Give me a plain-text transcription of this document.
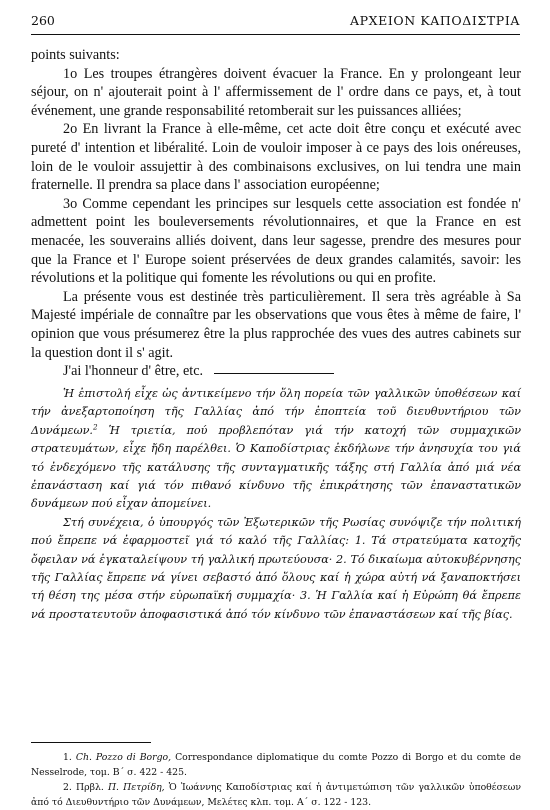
260	ΑΡΧΕΙΟΝ ΚΑΠΟΔΙΣΤΡΙΑ

points suivants:

1o Les troupes étrangères doivent évacuer la France. En y prolongeant leur séjour, on n' ajouterait point à l' affermissement de l' ordre dans ce pays, et, à tout événement, une grande responsabilité retomberait sur les puissances alliées;

2o En livrant la France à elle-même, cet acte doit être conçu et exécuté avec pureté d' intention et libéralité. Loin de vouloir imposer à ce pays des lois onéreuses, loin de le vouloir assujettir à des combinaisons exclusives, on lui tendra une main fraternelle. Il prendra sa place dans l' association européenne;

3o Comme cependant les principes sur lesquels cette association est fondée n' admettent point les bouleversements révolutionnaires, et que la France en est menacée, les souverains alliés doivent, dans leur sagesse, prendre des mesures pour que la France et l' Europe soient préservées de deux grandes calamités, savoir: les révolutions et la politique qui fomente les révolutions ou qui en profite.

La présente vous est destinée très particulièrement. Il sera très agréable à Sa Majesté impériale de connaître par les observations que vous êtes à même de faire, l' opinion que vous présumerez être la plus rapprochée des vues des autres cabinets sur la question dont il s' agit.

J'ai l'honneur d' être, etc.

Ἡ ἐπιστολή εἶχε ὡς ἀντικείμενο τήν ὅλη πορεία τῶν γαλλικῶν ὑποθέσεων καί τήν ἀνεξαρτοποίηση τῆς Γαλλίας ἀπό τήν ἐποπτεία τοῦ διευθυντήριου τῶν Δυνάμεων.$^2$ Ἡ τριετία, πού προβλεπόταν γιά τήν κατοχή τῶν συμμαχικῶν στρατευμάτων, εἶχε ἤδη παρέλθει. Ὁ Καποδίστριας ἐκδήλωνε τήν ἀνησυχία του γιά τό ἐνδεχόμενο τῆς κατάλυσης τῆς συνταγματικῆς τάξης στή Γαλλία ἀπό μιά νέα ἐπανάσταση καί γιά τόν πιθανό κίνδυνο τῆς ἐπικράτησης τῶν ἐπαναστατικῶν δυνάμεων πού εἶχαν ἀπομείνει.

Στή συνέχεια, ὁ ὑπουργός τῶν Ἐξωτερικῶν τῆς Ρωσίας συνόψιζε τήν πολιτική πού ἔπρεπε νά ἐφαρμοστεῖ γιά τό καλό τῆς Γαλλίας: 1. Τά στρατεύματα κατοχῆς ὄφειλαν νά ἐγκαταλείψουν τή γαλλική πρωτεύουσα· 2. Τό δικαίωμα αὐτοκυβέρνησης τῆς Γαλλίας ἔπρεπε νά γίνει σεβαστό ἀπό ὅλους καί ἡ χώρα αὐτή νά ξαναποκτήσει τή θέση της μέσα στήν εὐρωπαϊκή συμμαχία· 3. Ἡ Γαλλία καί ἡ Εὐρώπη θά ἔπρεπε νά προστατευτοῦν ἀποφασιστικά ἀπό τόν κίνδυνο τῶν ἐπαναστάσεων καί τῆς βίας.

1. Ch. Pozzo di Borgo, Correspondance diplomatique du comte Pozzo di Borgo et du comte de Nesselrode, τομ. Β΄ σ. 422 - 425.

2. Πρβλ. Π. Πετρίδη, Ὁ Ἰωάννης Καποδίστριας καί ἡ ἀντιμετώπιση τῶν γαλλικῶν ὑποθέσεων ἀπό τό Διευθυντήριο τῶν Δυνάμεων, Μελέτες κλπ. τομ. Α΄ σ. 122 - 123.
